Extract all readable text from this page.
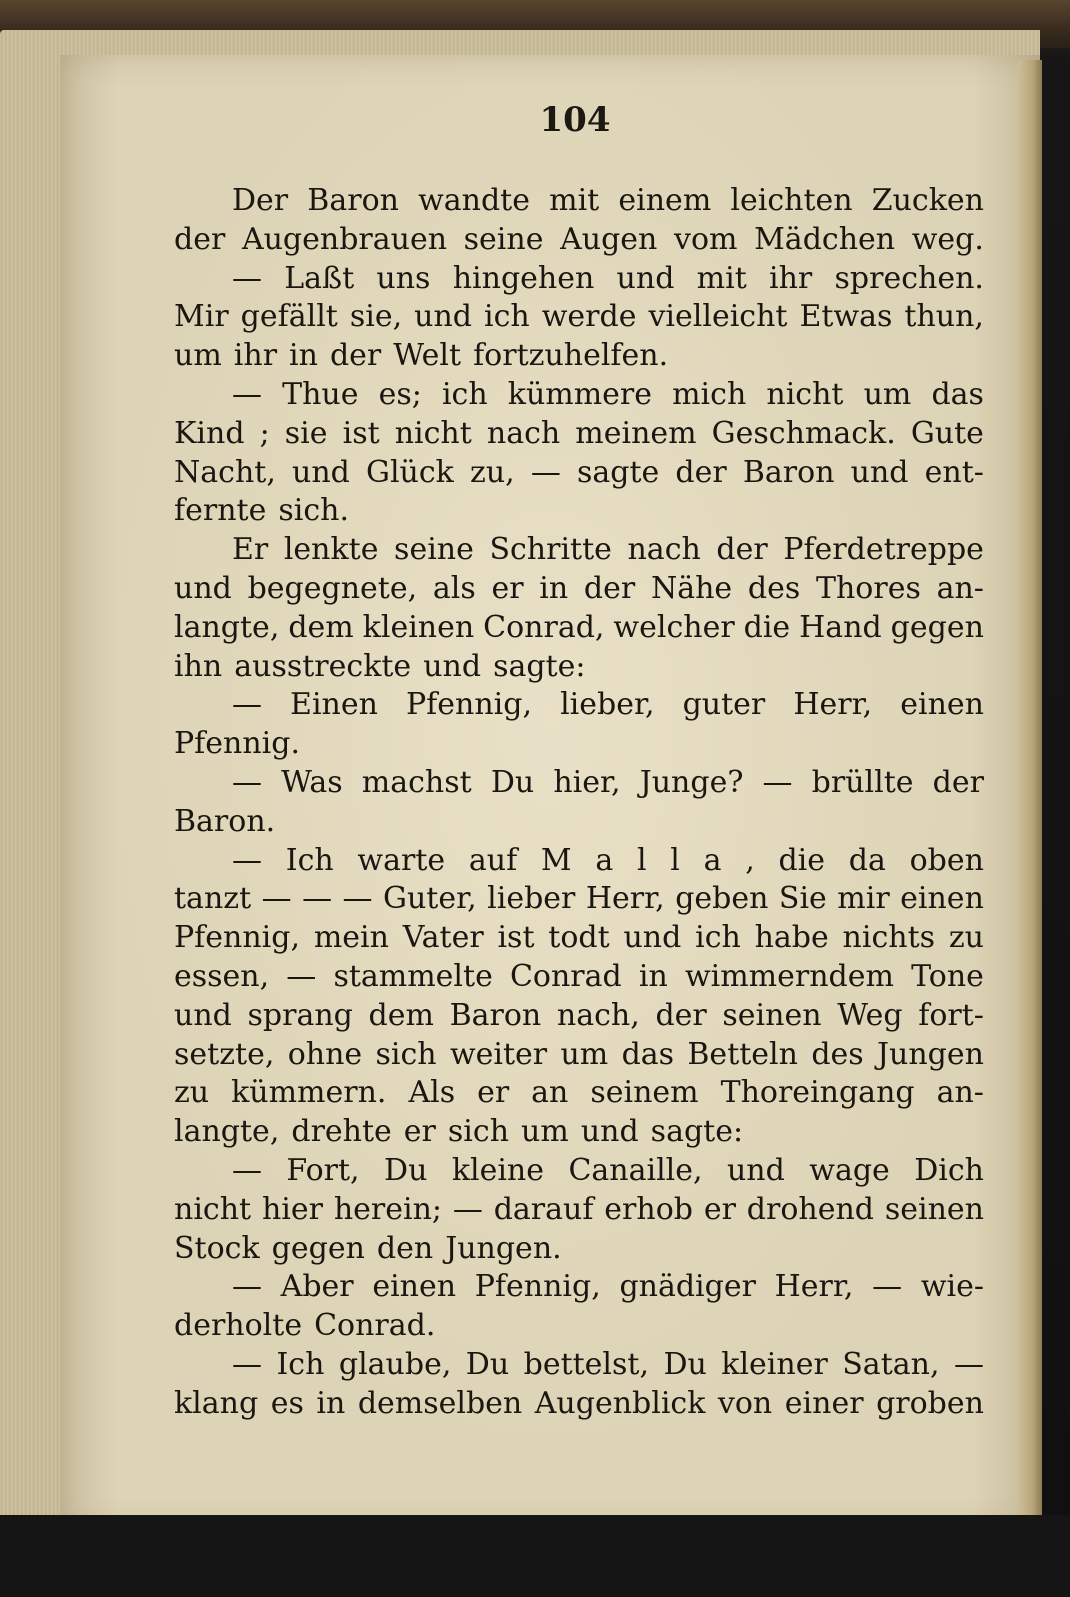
104
Der Baron wandte mit einem leichten Zucken
der Augenbrauen seine Augen vom Mädchen weg.
— Laßt uns hingehen und mit ihr sprechen.
Mir gefällt sie, und ich werde vielleicht Etwas thun,
um ihr in der Welt fortzuhelfen.
— Thue es; ich kümmere mich nicht um das
Kind ; sie ist nicht nach meinem Geschmack. Gute
Nacht, und Glück zu, — sagte der Baron und ent-
fernte sich.
Er lenkte seine Schritte nach der Pferdetreppe
und begegnete, als er in der Nähe des Thores an-
langte, dem kleinen Conrad, welcher die Hand gegen
ihn ausstreckte und sagte:
— Einen Pfennig, lieber, guter Herr, einen
Pfennig.
— Was machst Du hier, Junge? — brüllte der
Baron.
— Ich warte auf M a l l a , die da oben
tanzt — — — Guter, lieber Herr, geben Sie mir einen
Pfennig, mein Vater ist todt und ich habe nichts zu
essen, — stammelte Conrad in wimmerndem Tone
und sprang dem Baron nach, der seinen Weg fort-
setzte, ohne sich weiter um das Betteln des Jungen
zu kümmern. Als er an seinem Thoreingang an-
langte, drehte er sich um und sagte:
— Fort, Du kleine Canaille, und wage Dich
nicht hier herein; — darauf erhob er drohend seinen
Stock gegen den Jungen.
— Aber einen Pfennig, gnädiger Herr, — wie-
derholte Conrad.
— Ich glaube, Du bettelst, Du kleiner Satan, —
klang es in demselben Augenblick von einer groben
